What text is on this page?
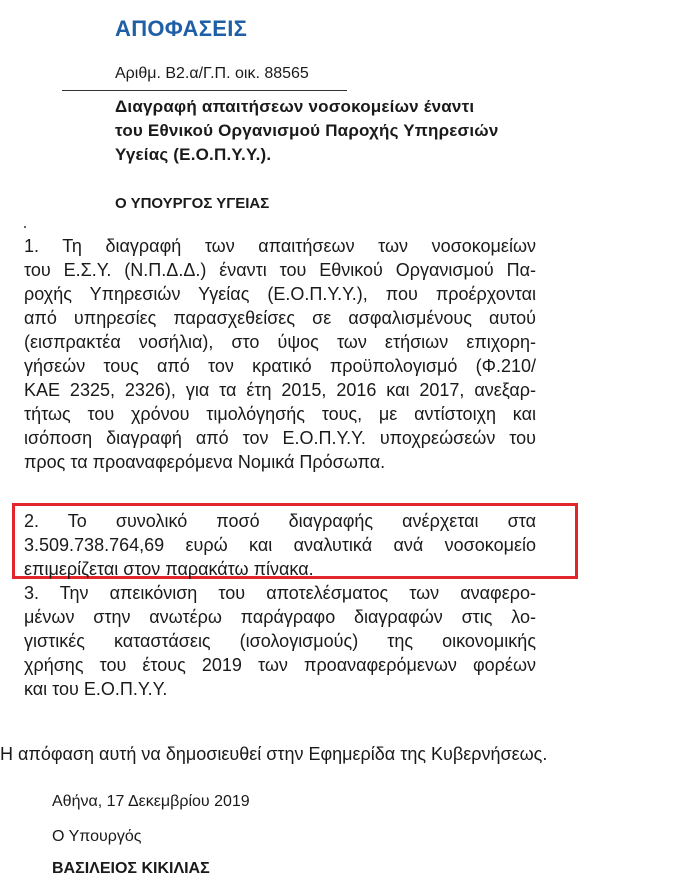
ΑΠΟΦΑΣΕΙΣ
Αριθμ. Β2.α/Γ.Π. οικ. 88565
Διαγραφή απαιτήσεων νοσοκομείων έναντι
του Εθνικού Οργανισμού Παροχής Υπηρεσιών
Υγείας (Ε.Ο.Π.Υ.Υ.).
Ο ΥΠΟΥΡΓΟΣ ΥΓΕΙΑΣ
1. Τη διαγραφή των απαιτήσεων των νοσοκομείων
του Ε.Σ.Υ. (Ν.Π.Δ.Δ.) έναντι του Εθνικού Οργανισμού Πα-
ροχής Υπηρεσιών Υγείας (Ε.Ο.Π.Υ.Υ.), που προέρχονται
από υπηρεσίες παρασχεθείσες σε ασφαλισμένους αυτού
(εισπρακτέα νοσήλια), στο ύψος των ετήσιων επιχορη-
γήσεών τους από τον κρατικό προϋπολογισμό (Φ.210/
ΚΑΕ 2325, 2326), για τα έτη 2015, 2016 και 2017, ανεξαρ-
τήτως του χρόνου τιμολόγησής τους, με αντίστοιχη και
ισόποση διαγραφή από τον Ε.Ο.Π.Υ.Υ. υποχρεώσεών του
προς τα προαναφερόμενα Νομικά Πρόσωπα.
2. Το συνολικό ποσό διαγραφής ανέρχεται στα
3.509.738.764,69 ευρώ και αναλυτικά ανά νοσοκομείο
επιμερίζεται στον παρακάτω πίνακα.
3. Την απεικόνιση του αποτελέσματος των αναφερο-
μένων στην ανωτέρω παράγραφο διαγραφών στις λο-
γιστικές καταστάσεις (ισολογισμούς) της οικονομικής
χρήσης του έτους 2019 των προαναφερόμενων φορέων
και του Ε.Ο.Π.Υ.Υ.
Η απόφαση αυτή να δημοσιευθεί στην Εφημερίδα της Κυβερνήσεως.
Αθήνα, 17 Δεκεμβρίου 2019
Ο Υπουργός
ΒΑΣΙΛΕΙΟΣ ΚΙΚΙΛΙΑΣ
